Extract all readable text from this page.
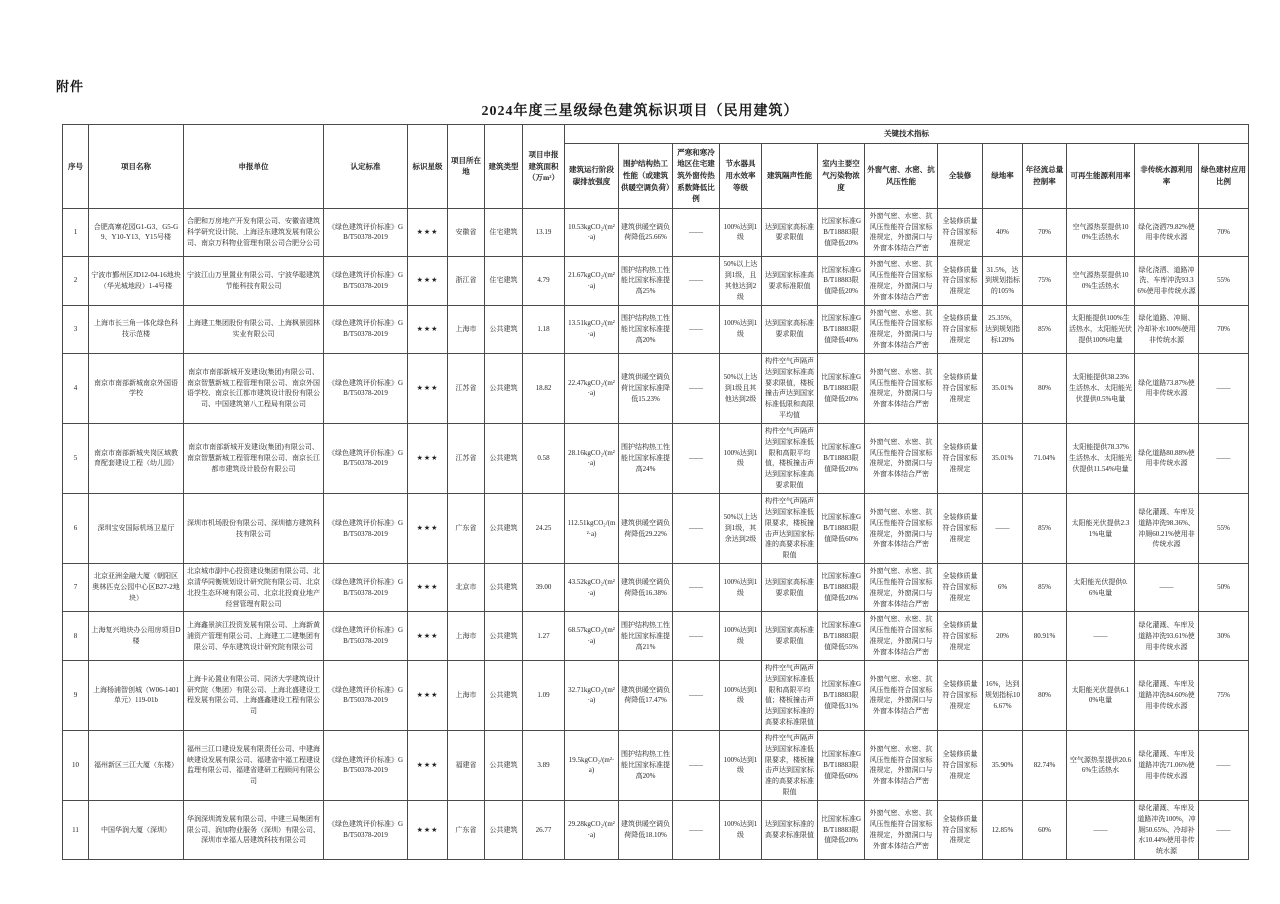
附件
2024年度三星级绿色建筑标识项目（民用建筑）
序号	项目名称	申报单位	认定标准	标识星级	项目所在地	建筑类型	项目申报建筑面积（万m²）	关键技术指标												
								建筑运行阶段碳排放强度	围护结构热工性能（或建筑供暖空调负荷）	严寒和寒冷地区住宅建筑外窗传热系数降低比例	节水器具用水效率等级	建筑隔声性能	室内主要空气污染物浓度	外窗气密、水密、抗风压性能	全装修	绿地率	年径流总量控制率	可再生能源利用率	非传统水源利用率	绿色建材应用比例
1	合肥高寨花园G1-G3、G5-G9、Y10-Y13、Y15号楼	合肥和万房地产开发有限公司、安徽省建筑科学研究设计院、上海泾东建筑发展有限公司、南京万科物业管理有限公司合肥分公司	《绿色建筑评价标准》GB/T50378-2019	★★★	安徽省	住宅建筑	13.19	10.53kgCO₂/(m²·a)	建筑供暖空调负荷降低25.66%	——	100%达到1级	达到国家高标准要求限值	比国家标准GB/T18883限值降低20%	外窗气密、水密、抗风压性能符合国家标准规定，外窗洞口与外窗本体结合严密	全装修质量符合国家标准规定	40%	70%	空气源热泵提供100%生活热水	绿化浇洒79.82%使用非传统水源	70%
2	宁波市鄞州区JD12-04-16地块（华光城地段）1-4号楼	宁波江山万里置业有限公司、宁波华聪建筑节能科技有限公司	《绿色建筑评价标准》GB/T50378-2019	★★★	浙江省	住宅建筑	4.79	21.67kgCO₂/(m²·a)	围护结构热工性能比国家标准提高25%	——	50%以上达到1级，且其他达到2级	达到国家标准高要求标准限值	比国家标准GB/T18883限值降低20%	外窗气密、水密、抗风压性能符合国家标准规定，外窗洞口与外窗本体结合严密	全装修质量符合国家标准规定	31.5%，达到规划指标的105%	75%	空气源热泵提供100%生活热水	绿化浇洒、道路冲洗、车库冲洗93.36%使用非传统水源	55%
3	上海市长三角一体化绿色科技示范楼	上海建工集团股份有限公司、上海枫景园林实业有限公司	《绿色建筑评价标准》GB/T50378-2019	★★★	上海市	公共建筑	1.18	13.51kgCO₂/(m²·a)	围护结构热工性能比国家标准提高20%	——	100%达到1级	达到国家高标准要求限值	比国家标准GB/T18883限值降低40%	外窗气密、水密、抗风压性能符合国家标准规定，外窗洞口与外窗本体结合严密	全装修质量符合国家标准规定	25.35%，达到规划指标120%	85%	太阳能提供100%生活热水，太阳能光伏提供100%电量	绿化道路、冲厕、冷却补水100%使用非传统水源	70%
4	南京市南部新城南京外国语学校	南京市南部新城开发建设(集团)有限公司、南京智慧新城工程管理有限公司、南京外国语学校、南京长江都市建筑设计股份有限公司、中国建筑第八工程局有限公司	《绿色建筑评价标准》GB/T50378-2019	★★★	江苏省	公共建筑	18.82	22.47kgCO₂/(m²·a)	建筑供暖空调负荷比国家标准降低15.23%	——	50%以上达到1级且其他达到2级	构件空气声隔声达到国家标准高要求限值，楼板撞击声达到国家标准低限和高限平均值	比国家标准GB/T18883限值降低20%	外窗气密、水密、抗风压性能符合国家标准规定，外窗洞口与外窗本体结合严密	全装修质量符合国家标准规定	35.01%	80%	太阳能提供38.23%生活热水、太阳能光伏提供0.5%电量	绿化道路73.87%使用非传统水源	——
5	南京市南部新城夹岗区域教育配套建设工程（幼儿园）	南京市南部新城开发建设(集团)有限公司、南京智慧新城工程管理有限公司、南京长江都市建筑设计股份有限公司	《绿色建筑评价标准》GB/T50378-2019	★★★	江苏省	公共建筑	0.58	28.16kgCO₂/(m²·a)	围护结构热工性能比国家标准提高24%	——	100%达到1级	构件空气声隔声达到国家标准低限和高限平均值，楼板撞击声达到国家标准高要求限值	比国家标准GB/T18883限值降低20%	外窗气密、水密、抗风压性能符合国家标准规定，外窗洞口与外窗本体结合严密	全装修质量符合国家标准规定	35.01%	71.04%	太阳能提供78.37%生活热水、太阳能光伏提供11.54%电量	绿化道路80.88%使用非传统水源	——
6	深圳宝安国际机场卫星厅	深圳市机场股份有限公司、深圳德方建筑科技有限公司	《绿色建筑评价标准》GB/T50378-2019	★★★	广东省	公共建筑	24.25	112.51kgCO₂/(m²·a)	建筑供暖空调负荷降低29.22%	——	50%以上达到1级，其余达到2级	构件空气声隔声达到国家标准低限要求，楼板撞击声达到国家标准的高要求标准限值	比国家标准GB/T18883限值降低60%	外窗气密、水密、抗风压性能符合国家标准规定，外窗洞口与外窗本体结合严密	全装修质量符合国家标准规定	——	85%	太阳能光伏提供2.31%电量	绿化灌溉、车库及道路冲洗98.36%、冲厕60.21%使用非传统水源	55%
7	北京亚洲金融大厦（朝阳区奥林匹克公园中心区B27-2地块）	北京城市副中心投资建设集团有限公司、北京清华同衡规划设计研究院有限公司、北京北投生态环境有限公司、北京北投商业地产经营管理有限公司	《绿色建筑评价标准》GB/T50378-2019	★★★	北京市	公共建筑	39.00	43.52kgCO₂/(m²·a)	建筑供暖空调负荷降低16.38%	——	100%达到1级	达到国家高标准要求限值	比国家标准GB/T18883限值降低20%	外窗气密、水密、抗风压性能符合国家标准规定，外窗洞口与外窗本体结合严密	全装修质量符合国家标准规定	6%	85%	太阳能光伏提供0.6%电量	——	50%
8	上海复兴地块办公用房项目D楼	上海鑫景滨江投资发展有限公司、上海新黄浦资产管理有限公司、上海建工二建集团有限公司、华东建筑设计研究院有限公司	《绿色建筑评价标准》GB/T50378-2019	★★★	上海市	公共建筑	1.27	68.57kgCO₂/(m²·a)	围护结构热工性能比国家标准提高21%	——	100%达到1级	达到国家高标准要求限值	比国家标准GB/T18883限值降低55%	外窗气密、水密、抗风压性能符合国家标准规定，外窗洞口与外窗本体结合严密	全装修质量符合国家标准规定	20%	80.91%	——	绿化灌溉、车库及道路冲洗93.61%使用非传统水源	30%
9	上海杨浦智创城（W06-1401单元）119-01b	上海卡沁置业有限公司、同济大学建筑设计研究院（集团）有限公司、上海北盛建设工程发展有限公司、上海盛鑫建设工程有限公司	《绿色建筑评价标准》GB/T50378-2019	★★★	上海市	公共建筑	1.09	32.71kgCO₂/(m²·a)	建筑供暖空调负荷降低17.47%	——	100%达到1级	构件空气声隔声达到国家标准低限和高限平均值；楼板撞击声达到国家标准的高要求标准限值	比国家标准GB/T18883限值降低31%	外窗气密、水密、抗风压性能符合国家标准规定，外窗洞口与外窗本体结合严密	全装修质量符合国家标准规定	16%，达到规划指标106.67%	80%	太阳能光伏提供6.10%电量	绿化灌溉、车库及道路冲洗84.60%使用非传统水源	75%
10	福州新区三江大厦（东楼）	福州三江口建设发展有限责任公司、中建海峡建设发展有限公司、福建省中福工程建设监理有限公司、福建省建研工程顾问有限公司	《绿色建筑评价标准》GB/T50378-2019	★★★	福建省	公共建筑	3.89	19.5kgCO₂/(m²·a)	围护结构热工性能比国家标准提高20%	——	100%达到1级	构件空气声隔声达到国家标准低限要求，楼板撞击声达到国家标准的高要求标准限值	比国家标准GB/T18883限值降低60%	外窗气密、水密、抗风压性能符合国家标准规定，外窗洞口与外窗本体结合严密	全装修质量符合国家标准规定	35.90%	82.74%	空气源热泵提供20.66%生活热水	绿化灌溉、车库及道路冲洗71.06%使用非传统水源	——
11	中国华润大厦（深圳）	华润深圳湾发展有限公司、中建三局集团有限公司、润加物业服务（深圳）有限公司、深圳市幸福人居建筑科技有限公司	《绿色建筑评价标准》GB/T50378-2019	★★★	广东省	公共建筑	26.77	29.28kgCO₂/(m²·a)	建筑供暖空调负荷降低18.10%	——	100%达到1级	达到国家标准的高要求标准限值	比国家标准GB/T18883限值降低20%	外窗气密、水密、抗风压性能符合国家标准规定，外窗洞口与外窗本体结合严密	全装修质量符合国家标准规定	12.85%	60%	——	绿化灌溉、车库及道路冲洗100%，冲厕50.65%、冷却补水10.44%使用非传统水源	——
